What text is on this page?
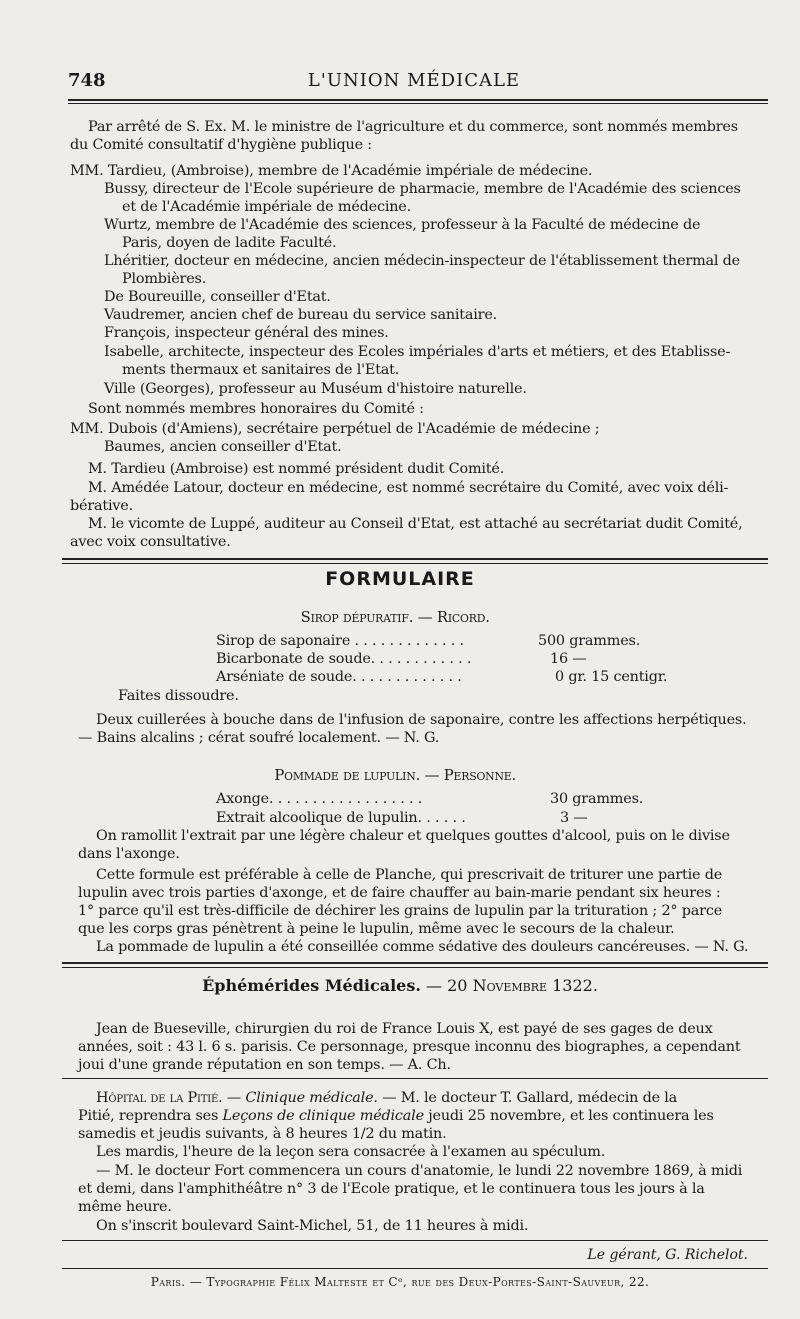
748	L'UNION MÉDICALE
Par arrêté de S. Ex. M. le ministre de l'agriculture et du commerce, sont nommés membres
du Comité consultatif d'hygiène publique :
MM. Tardieu, (Ambroise), membre de l'Académie impériale de médecine.
Bussy, directeur de l'Ecole supérieure de pharmacie, membre de l'Académie des sciences
et de l'Académie impériale de médecine.
Wurtz, membre de l'Académie des sciences, professeur à la Faculté de médecine de
Paris, doyen de ladite Faculté.
Lhéritier, docteur en médecine, ancien médecin-inspecteur de l'établissement thermal de
Plombières.
De Boureuille, conseiller d'Etat.
Vaudremer, ancien chef de bureau du service sanitaire.
François, inspecteur général des mines.
Isabelle, architecte, inspecteur des Ecoles impériales d'arts et métiers, et des Etablisse-
ments thermaux et sanitaires de l'Etat.
Ville (Georges), professeur au Muséum d'histoire naturelle.
Sont nommés membres honoraires du Comité :
MM. Dubois (d'Amiens), secrétaire perpétuel de l'Académie de médecine ;
Baumes, ancien conseiller d'Etat.
M. Tardieu (Ambroise) est nommé président dudit Comité.
M. Amédée Latour, docteur en médecine, est nommé secrétaire du Comité, avec voix déli-
bérative.
M. le vicomte de Luppé, auditeur au Conseil d'Etat, est attaché au secrétariat dudit Comité,
avec voix consultative.
FORMULAIRE
Sirop dépuratif. — Ricord.
Sirop de saponaire . . . . . . . . . . . . .	500 grammes.
Bicarbonate de soude. . . . . . . . . . . .	16 —
Arséniate de soude. . . . . . . . . . . . .	0 gr. 15 centigr.
Faites dissoudre.
Deux cuillerées à bouche dans de l'infusion de saponaire, contre les affections herpétiques.
— Bains alcalins ; cérat soufré localement. — N. G.
Pommade de lupulin. — Personne.
Axonge. . . . . . . . . . . . . . . . . .	30 grammes.
Extrait alcoolique de lupulin. . . . . .	3 —
On ramollit l'extrait par une légère chaleur et quelques gouttes d'alcool, puis on le divise
dans l'axonge.
Cette formule est préférable à celle de Planche, qui prescrivait de triturer une partie de
lupulin avec trois parties d'axonge, et de faire chauffer au bain-marie pendant six heures :
1° parce qu'il est très-difficile de déchirer les grains de lupulin par la trituration ; 2° parce
que les corps gras pénètrent à peine le lupulin, même avec le secours de la chaleur.
La pommade de lupulin a été conseillée comme sédative des douleurs cancéreuses. — N. G.
Éphémérides Médicales. — 20 Novembre 1322.
Jean de Bueseville, chirurgien du roi de France Louis X, est payé de ses gages de deux
années, soit : 43 l. 6 s. parisis. Ce personnage, presque inconnu des biographes, a cependant
joui d'une grande réputation en son temps. — A. Ch.
Hôpital de la Pitié. — Clinique médicale. — M. le docteur T. Gallard, médecin de la
Pitié, reprendra ses Leçons de clinique médicale jeudi 25 novembre, et les continuera les
samedis et jeudis suivants, à 8 heures 1/2 du matin.
Les mardis, l'heure de la leçon sera consacrée à l'examen au spéculum.
— M. le docteur Fort commencera un cours d'anatomie, le lundi 22 novembre 1869, à midi
et demi, dans l'amphithéâtre n° 3 de l'Ecole pratique, et le continuera tous les jours à la
même heure.
On s'inscrit boulevard Saint-Michel, 51, de 11 heures à midi.
Le gérant, G. Richelot.
Paris. — Typographie Félix Malteste et Cᵉ, rue des Deux-Portes-Saint-Sauveur, 22.
